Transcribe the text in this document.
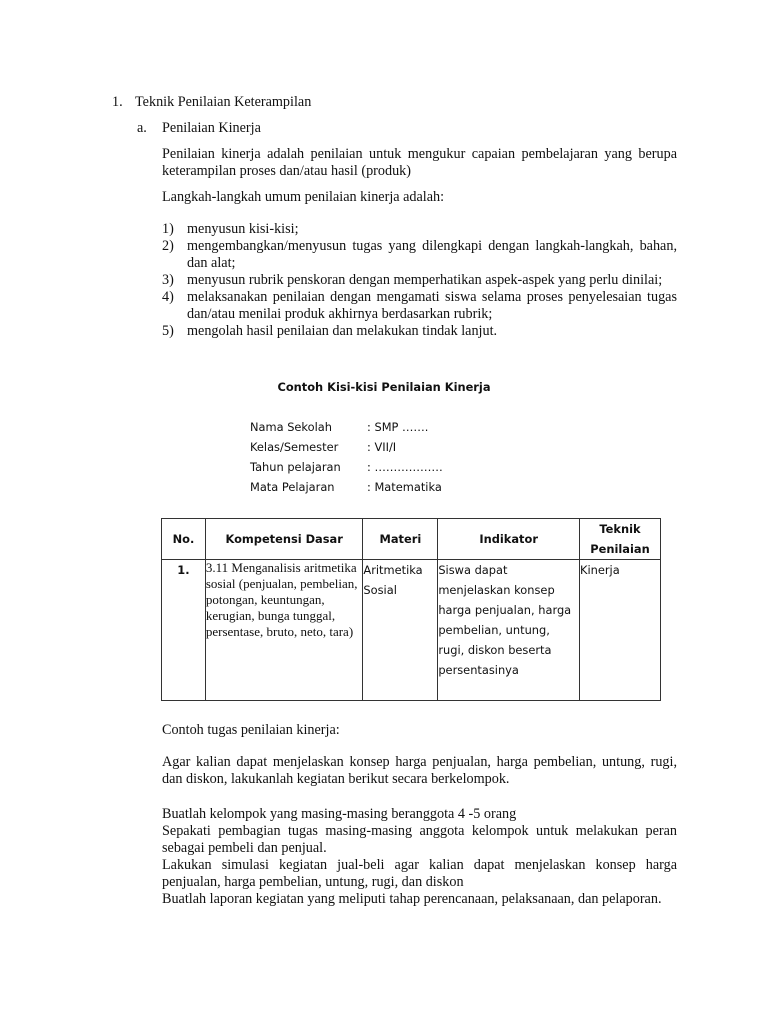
1. Teknik Penilaian Keterampilan
a. Penilaian Kinerja
Penilaian kinerja adalah penilaian untuk mengukur capaian pembelajaran yang berupa keterampilan proses dan/atau hasil (produk)
Langkah-langkah umum penilaian kinerja adalah:
1) menyusun kisi-kisi;
2) mengembangkan/menyusun tugas yang dilengkapi dengan langkah-langkah, bahan, dan alat;
3) menyusun rubrik penskoran dengan memperhatikan aspek-aspek yang perlu dinilai;
4) melaksanakan penilaian dengan mengamati siswa selama proses penyelesaian tugas dan/atau menilai produk akhirnya berdasarkan rubrik;
5) mengolah hasil penilaian dan melakukan tindak lanjut.
Contoh Kisi-kisi Penilaian Kinerja
Nama Sekolah	: SMP …….
Kelas/Semester	: VII/I
Tahun pelajaran : ………………
Mata Pelajaran	: Matematika
No.	Kompetensi Dasar	Materi	Indikator	Teknik Penilaian
1.	3.11 Menganalisis aritmetika sosial (penjualan, pembelian, potongan, keuntungan, kerugian, bunga tunggal, persentase, bruto, neto, tara)	Aritmetika Sosial	Siswa dapat menjelaskan konsep harga penjualan, harga pembelian, untung, rugi, diskon beserta persentasinya	Kinerja
Contoh tugas penilaian kinerja:
Agar kalian dapat menjelaskan konsep harga penjualan, harga pembelian, untung, rugi, dan diskon, lakukanlah kegiatan berikut secara berkelompok.
Buatlah kelompok yang masing-masing beranggota 4 -5 orang
Sepakati pembagian tugas masing-masing anggota kelompok untuk melakukan peran sebagai pembeli dan penjual.
Lakukan simulasi kegiatan jual-beli agar kalian dapat menjelaskan konsep harga penjualan, harga pembelian, untung, rugi, dan diskon
Buatlah laporan kegiatan yang meliputi tahap perencanaan, pelaksanaan, dan pelaporan.
